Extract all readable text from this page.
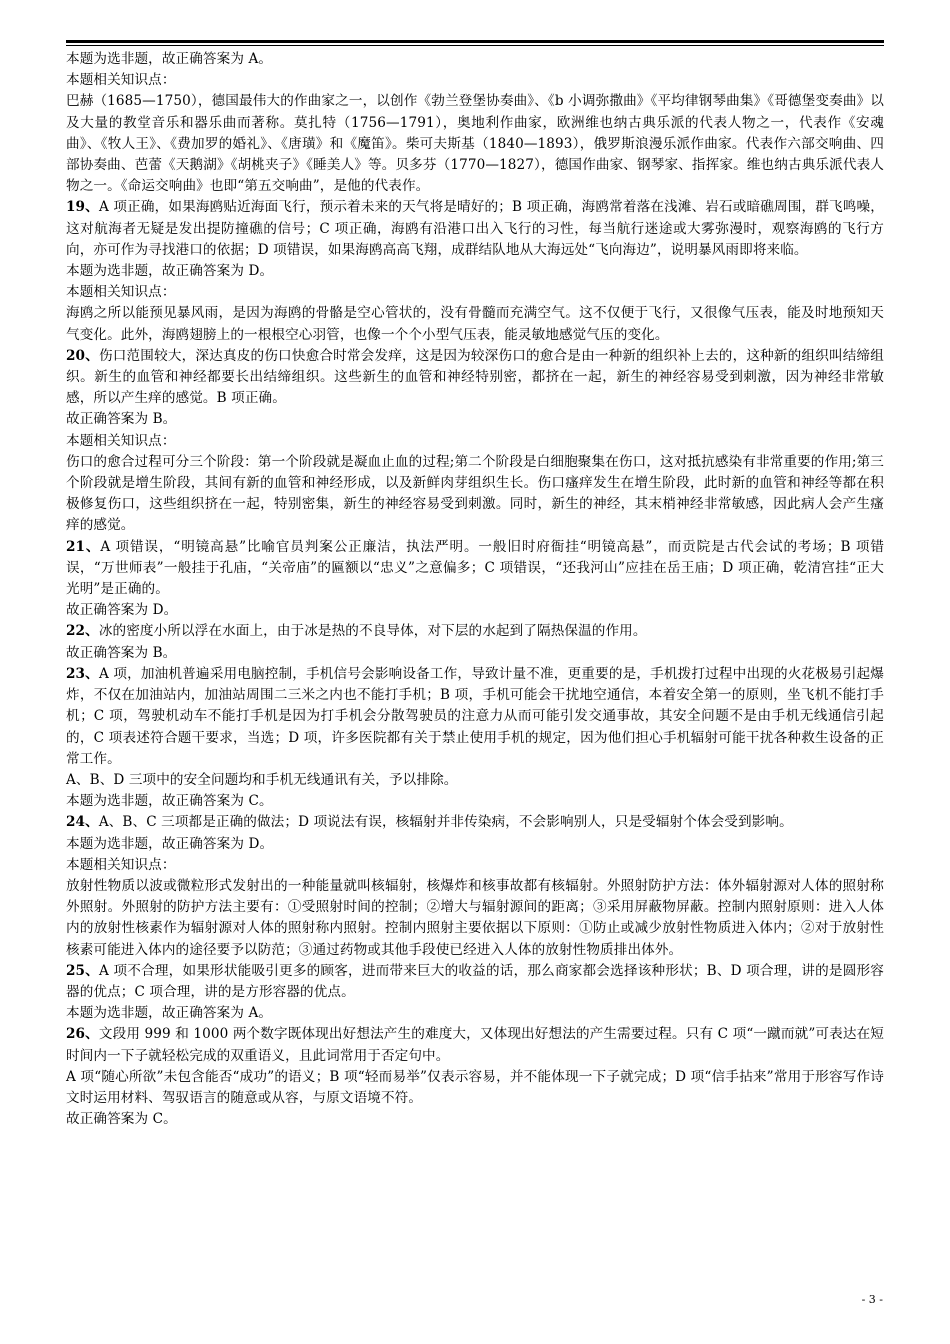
本题为选非题，故正确答案为 A。

本题相关知识点：

巴赫（1685—1750），德国最伟大的作曲家之一，以创作《勃兰登堡协奏曲》、《b 小调弥撒曲》《平均律钢琴曲集》《哥德堡变奏曲》以及大量的教堂音乐和器乐曲而著称。莫扎特（1756—1791），奥地利作曲家，欧洲维也纳古典乐派的代表人物之一，代表作《安魂曲》、《牧人王》、《费加罗的婚礼》、《唐璜》和《魔笛》。柴可夫斯基（1840—1893），俄罗斯浪漫乐派作曲家。代表作六部交响曲、四部协奏曲、芭蕾《天鹅湖》《胡桃夹子》《睡美人》等。贝多芬（1770—1827），德国作曲家、钢琴家、指挥家。维也纳古典乐派代表人物之一。《命运交响曲》也即“第五交响曲”，是他的代表作。

19、A 项正确，如果海鸥贴近海面飞行，预示着未来的天气将是晴好的；B 项正确，海鸥常着落在浅滩、岩石或暗礁周围，群飞鸣噪，这对航海者无疑是发出提防撞礁的信号；C 项正确，海鸥有沿港口出入飞行的习性，每当航行迷途或大雾弥漫时，观察海鸥的飞行方向，亦可作为寻找港口的依据；D 项错误，如果海鸥高高飞翔，成群结队地从大海远处“飞向海边”，说明暴风雨即将来临。

本题为选非题，故正确答案为 D。

本题相关知识点：

海鸥之所以能预见暴风雨，是因为海鸥的骨骼是空心管状的，没有骨髓而充满空气。这不仅便于飞行，又很像气压表，能及时地预知天气变化。此外，海鸥翅膀上的一根根空心羽管，也像一个个小型气压表，能灵敏地感觉气压的变化。

20、伤口范围较大，深达真皮的伤口快愈合时常会发痒，这是因为较深伤口的愈合是由一种新的组织补上去的，这种新的组织叫结缔组织。新生的血管和神经都要长出结缔组织。这些新生的血管和神经特别密，都挤在一起，新生的神经容易受到刺激，因为神经非常敏感，所以产生痒的感觉。B 项正确。

故正确答案为 B。

本题相关知识点：

伤口的愈合过程可分三个阶段：第一个阶段就是凝血止血的过程;第二个阶段是白细胞聚集在伤口，这对抵抗感染有非常重要的作用;第三个阶段就是增生阶段，其间有新的血管和神经形成，以及新鲜肉芽组织生长。伤口瘙痒发生在增生阶段，此时新的血管和神经等都在积极修复伤口，这些组织挤在一起，特别密集，新生的神经容易受到刺激。同时，新生的神经，其末梢神经非常敏感，因此病人会产生瘙痒的感觉。

21、A 项错误，“明镜高悬”比喻官员判案公正廉洁，执法严明。一般旧时府衙挂“明镜高悬”，而贡院是古代会试的考场；B 项错误，“万世师表”一般挂于孔庙，“关帝庙”的匾额以“忠义”之意偏多；C 项错误，“还我河山”应挂在岳王庙；D 项正确，乾清宫挂“正大光明”是正确的。

故正确答案为 D。

22、冰的密度小所以浮在水面上，由于冰是热的不良导体，对下层的水起到了隔热保温的作用。

故正确答案为 B。

23、A 项，加油机普遍采用电脑控制，手机信号会影响设备工作，导致计量不准，更重要的是，手机拨打过程中出现的火花极易引起爆炸，不仅在加油站内，加油站周围二三米之内也不能打手机；B 项，手机可能会干扰地空通信，本着安全第一的原则，坐飞机不能打手机；C 项，驾驶机动车不能打手机是因为打手机会分散驾驶员的注意力从而可能引发交通事故，其安全问题不是由手机无线通信引起的，C 项表述符合题干要求，当选；D 项，许多医院都有关于禁止使用手机的规定，因为他们担心手机辐射可能干扰各种救生设备的正常工作。

A、B、D 三项中的安全问题均和手机无线通讯有关，予以排除。

本题为选非题，故正确答案为 C。

24、A、B、C 三项都是正确的做法；D 项说法有误，核辐射并非传染病，不会影响别人，只是受辐射个体会受到影响。

本题为选非题，故正确答案为 D。

本题相关知识点：

放射性物质以波或微粒形式发射出的一种能量就叫核辐射，核爆炸和核事故都有核辐射。外照射防护方法：体外辐射源对人体的照射称外照射。外照射的防护方法主要有：①受照射时间的控制；②增大与辐射源间的距离；③采用屏蔽物屏蔽。控制内照射原则：进入人体内的放射性核素作为辐射源对人体的照射称内照射。控制内照射主要依据以下原则：①防止或减少放射性物质进入体内；②对于放射性核素可能进入体内的途径要予以防范；③通过药物或其他手段使已经进入人体的放射性物质排出体外。

25、A 项不合理，如果形状能吸引更多的顾客，进而带来巨大的收益的话，那么商家都会选择该种形状；B、D 项合理，讲的是圆形容器的优点；C 项合理，讲的是方形容器的优点。

本题为选非题，故正确答案为 A。

26、文段用 999 和 1000 两个数字既体现出好想法产生的难度大，又体现出好想法的产生需要过程。只有 C 项“一蹴而就”可表达在短时间内一下子就轻松完成的双重语义，且此词常用于否定句中。

A 项“随心所欲”未包含能否“成功”的语义；B 项“轻而易举”仅表示容易，并不能体现一下子就完成；D 项“信手拈来”常用于形容写作诗文时运用材料、驾驭语言的随意或从容，与原文语境不符。

故正确答案为 C。

- 3 -
